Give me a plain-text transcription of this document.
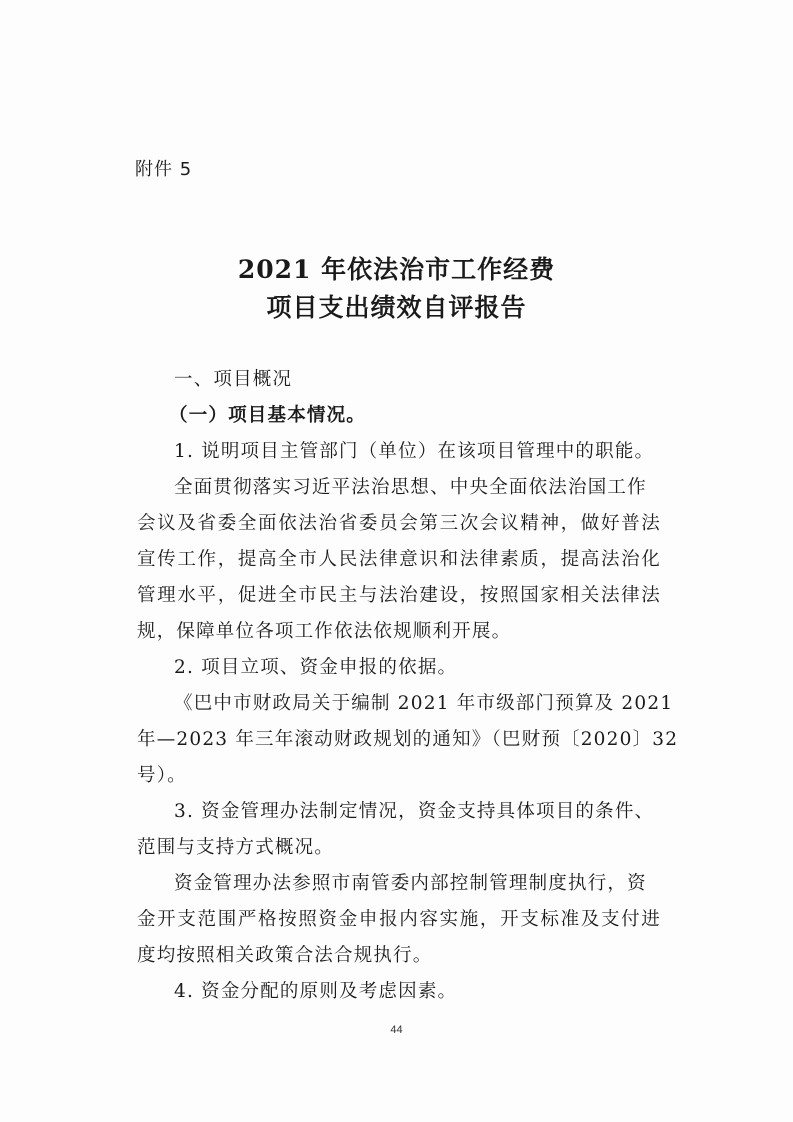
附件 5
2021 年依法治市工作经费
项目支出绩效自评报告
一、项目概况
（一）项目基本情况。
1. 说明项目主管部门（单位）在该项目管理中的职能。
全面贯彻落实习近平法治思想、中央全面依法治国工作
会议及省委全面依法治省委员会第三次会议精神，做好普法
宣传工作，提高全市人民法律意识和法律素质，提高法治化
管理水平，促进全市民主与法治建设，按照国家相关法律法
规，保障单位各项工作依法依规顺利开展。
2. 项目立项、资金申报的依据。
《巴中市财政局关于编制 2021 年市级部门预算及 2021
年—2023 年三年滚动财政规划的通知》（巴财预〔2020〕32
号）。
3. 资金管理办法制定情况，资金支持具体项目的条件、
范围与支持方式概况。
资金管理办法参照市南管委内部控制管理制度执行，资
金开支范围严格按照资金申报内容实施，开支标准及支付进
度均按照相关政策合法合规执行。
4. 资金分配的原则及考虑因素。
44
